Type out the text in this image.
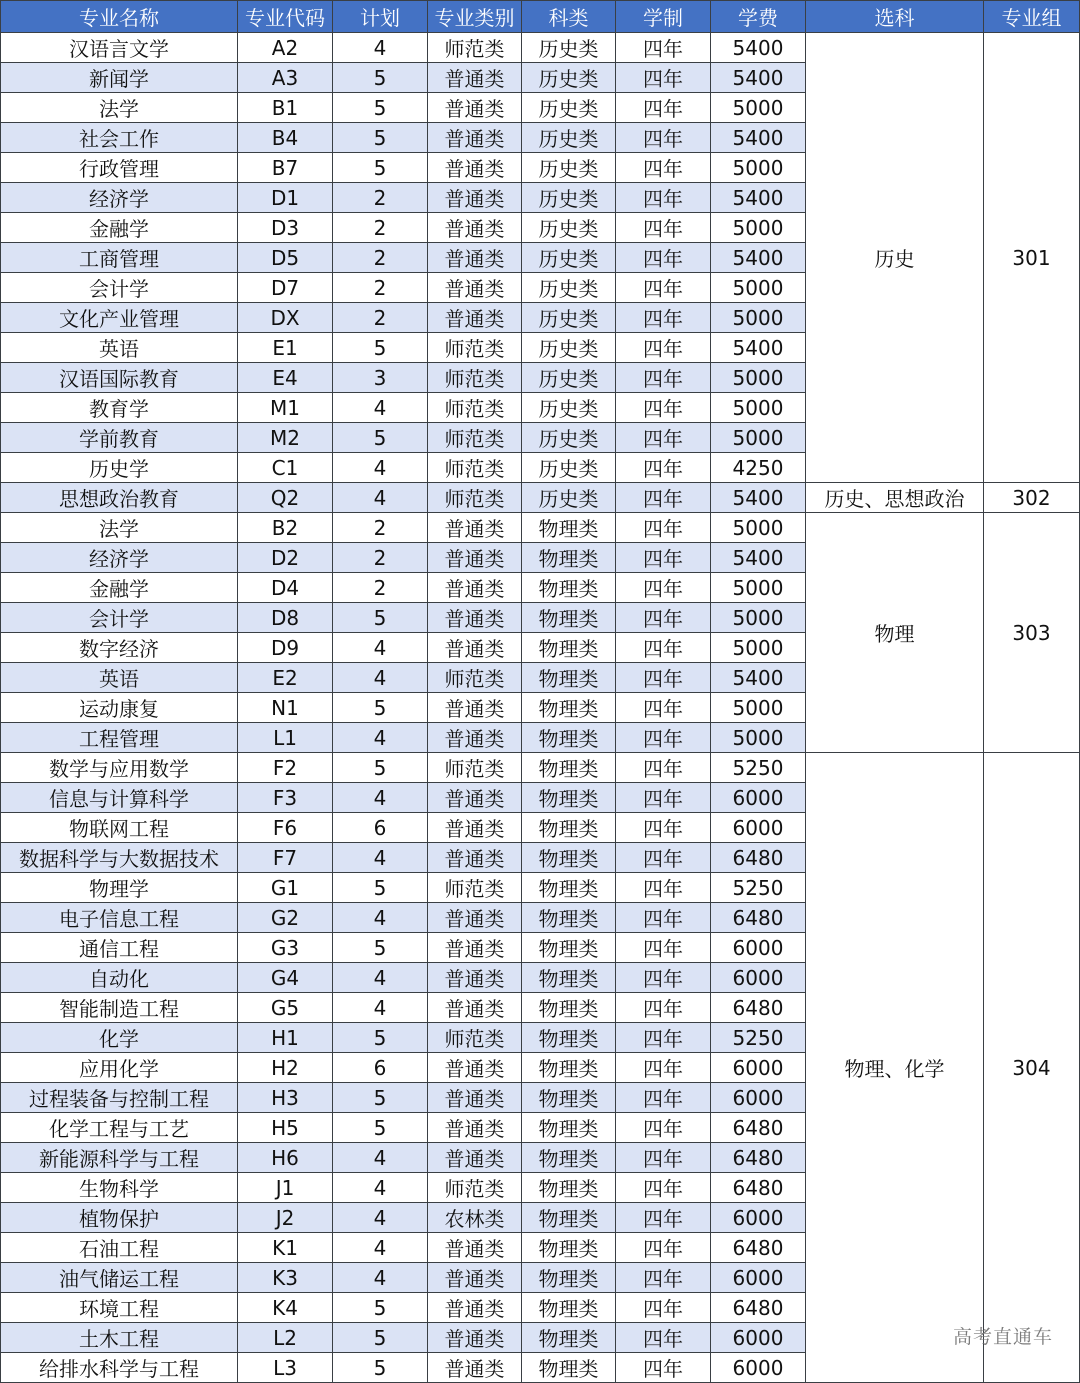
专业名称	专业代码	计划	专业类别	科类	学制	学费	选科	专业组
汉语言文学	A2	4	师范类	历史类	四年	5400	历史	301
新闻学	A3	5	普通类	历史类	四年	5400		
法学	B1	5	普通类	历史类	四年	5000		
社会工作	B4	5	普通类	历史类	四年	5400		
行政管理	B7	5	普通类	历史类	四年	5000		
经济学	D1	2	普通类	历史类	四年	5400		
金融学	D3	2	普通类	历史类	四年	5000		
工商管理	D5	2	普通类	历史类	四年	5400		
会计学	D7	2	普通类	历史类	四年	5000		
文化产业管理	DX	2	普通类	历史类	四年	5000		
英语	E1	5	师范类	历史类	四年	5400		
汉语国际教育	E4	3	师范类	历史类	四年	5000		
教育学	M1	4	师范类	历史类	四年	5000		
学前教育	M2	5	师范类	历史类	四年	5000		
历史学	C1	4	师范类	历史类	四年	4250		
思想政治教育	Q2	4	师范类	历史类	四年	5400	历史、思想政治	302
法学	B2	2	普通类	物理类	四年	5000	物理	303
经济学	D2	2	普通类	物理类	四年	5400		
金融学	D4	2	普通类	物理类	四年	5000		
会计学	D8	5	普通类	物理类	四年	5000		
数字经济	D9	4	普通类	物理类	四年	5000		
英语	E2	4	师范类	物理类	四年	5400		
运动康复	N1	5	普通类	物理类	四年	5000		
工程管理	L1	4	普通类	物理类	四年	5000		
数学与应用数学	F2	5	师范类	物理类	四年	5250	物理、化学	304
信息与计算科学	F3	4	普通类	物理类	四年	6000		
物联网工程	F6	6	普通类	物理类	四年	6000		
数据科学与大数据技术	F7	4	普通类	物理类	四年	6480		
物理学	G1	5	师范类	物理类	四年	5250		
电子信息工程	G2	4	普通类	物理类	四年	6480		
通信工程	G3	5	普通类	物理类	四年	6000		
自动化	G4	4	普通类	物理类	四年	6000		
智能制造工程	G5	4	普通类	物理类	四年	6480		
化学	H1	5	师范类	物理类	四年	5250		
应用化学	H2	6	普通类	物理类	四年	6000		
过程装备与控制工程	H3	5	普通类	物理类	四年	6000		
化学工程与工艺	H5	5	普通类	物理类	四年	6480		
新能源科学与工程	H6	4	普通类	物理类	四年	6480		
生物科学	J1	4	师范类	物理类	四年	6480		
植物保护	J2	4	农林类	物理类	四年	6000		
石油工程	K1	4	普通类	物理类	四年	6480		
油气储运工程	K3	4	普通类	物理类	四年	6000		
环境工程	K4	5	普通类	物理类	四年	6480		
土木工程	L2	5	普通类	物理类	四年	6000		
给排水科学与工程	L3	5	普通类	物理类	四年	6000		
高考直通车
